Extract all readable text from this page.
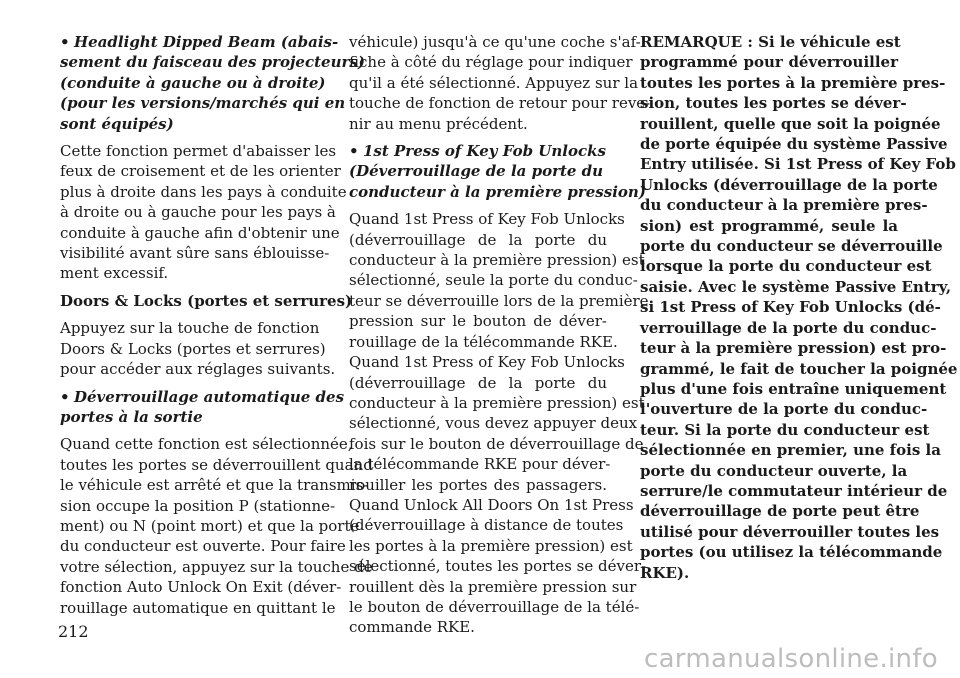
• Headlight Dipped Beam (abais-
sement du faisceau des projecteurs)
(conduite à gauche ou à droite)
(pour les versions/marchés qui en
sont équipés)
Cette fonction permet d'abaisser les
feux de croisement et de les orienter
plus à droite dans les pays à conduite
à droite ou à gauche pour les pays à
conduite à gauche afin d'obtenir une
visibilité avant sûre sans éblouisse-
ment excessif.
Doors & Locks (portes et serrures)
Appuyez sur la touche de fonction
Doors & Locks (portes et serrures)
pour accéder aux réglages suivants.
• Déverrouillage automatique des
portes à la sortie
Quand cette fonction est sélectionnée,
toutes les portes se déverrouillent quand
le véhicule est arrêté et que la transmis-
sion occupe la position P (stationne-
ment) ou N (point mort) et que la porte
du conducteur est ouverte. Pour faire
votre sélection, appuyez sur la touche de
fonction Auto Unlock On Exit (déver-
rouillage automatique en quittant le
véhicule) jusqu'à ce qu'une coche s'af-
fiche à côté du réglage pour indiquer
qu'il a été sélectionné. Appuyez sur la
touche de fonction de retour pour reve-
nir au menu précédent.
• 1st Press of Key Fob Unlocks
(Déverrouillage de la porte du
conducteur à la première pression)
Quand 1st Press of Key Fob Unlocks
(déverrouillage de la porte du
conducteur à la première pression) est
sélectionné, seule la porte du conduc-
teur se déverrouille lors de la première
pression sur le bouton de déver-
rouillage de la télécommande RKE.
Quand 1st Press of Key Fob Unlocks
(déverrouillage de la porte du
conducteur à la première pression) est
sélectionné, vous devez appuyer deux
fois sur le bouton de déverrouillage de
la télécommande RKE pour déver-
rouiller les portes des passagers.
Quand Unlock All Doors On 1st Press
(déverrouillage à distance de toutes
les portes à la première pression) est
sélectionné, toutes les portes se déver-
rouillent dès la première pression sur
le bouton de déverrouillage de la télé-
commande RKE.
REMARQUE : Si le véhicule est
programmé pour déverrouiller
toutes les portes à la première pres-
sion, toutes les portes se déver-
rouillent, quelle que soit la poignée
de porte équipée du système Passive
Entry utilisée. Si 1st Press of Key Fob
Unlocks (déverrouillage de la porte
du conducteur à la première pres-
sion) est programmé, seule la
porte du conducteur se déverrouille
lorsque la porte du conducteur est
saisie. Avec le système Passive Entry,
si 1st Press of Key Fob Unlocks (dé-
verrouillage de la porte du conduc-
teur à la première pression) est pro-
grammé, le fait de toucher la poignée
plus d'une fois entraîne uniquement
l'ouverture de la porte du conduc-
teur. Si la porte du conducteur est
sélectionnée en premier, une fois la
porte du conducteur ouverte, la
serrure/le commutateur intérieur de
déverrouillage de porte peut être
utilisé pour déverrouiller toutes les
portes (ou utilisez la télécommande
RKE).
212
carmanualsonline.info
